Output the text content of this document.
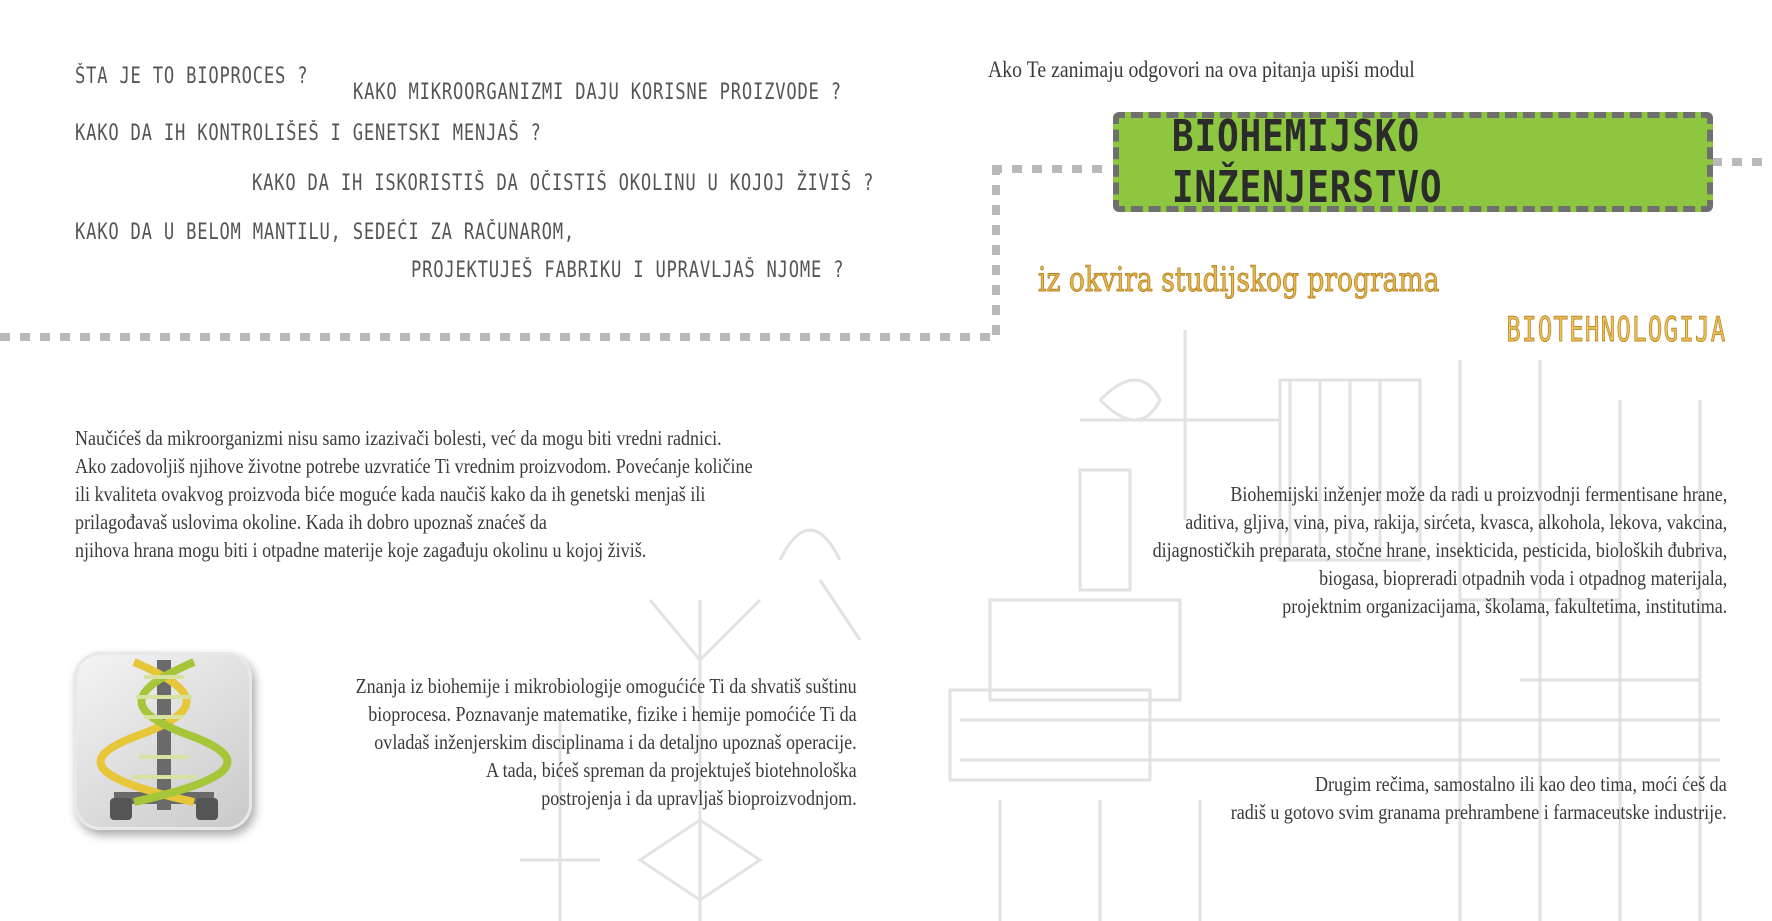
ŠTA JE TO BIOPROCES ?
KAKO MIKROORGANIZMI DAJU KORISNE PROIZVODE ?
KAKO DA IH KONTROLIŠEŠ I GENETSKI MENJAŠ ?
KAKO DA IH ISKORISTIŠ DA OČISTIŠ OKOLINU U KOJOJ ŽIVIŠ ?
KAKO DA U BELOM MANTILU, SEDEĆI ZA RAČUNAROM,
PROJEKTUJEŠ FABRIKU I UPRAVLJAŠ NJOME ?
Ako Te zanimaju odgovori na ova pitanja upiši modul
BIOHEMIJSKO INŽENJERSTVO
iz okvira studijskog programa
BIOTEHNOLOGIJA
Naučićeš da mikroorganizmi nisu samo izazivači bolesti, već da mogu biti vredni radnici.
Ako zadovoljiš njihove životne potrebe uzvratiće Ti vrednim proizvodom. Povećanje količine
ili kvaliteta ovakvog proizvoda biće moguće kada naučiš kako da ih genetski menjaš ili
prilagođavaš uslovima okoline. Kada ih dobro upoznaš znaćeš da
njihova hrana mogu biti i otpadne materije koje zagađuju okolinu u kojoj živiš.
Znanja iz biohemije i mikrobiologije omogućiće Ti da shvatiš suštinu
bioprocesa. Poznavanje matematike, fizike i hemije pomoćiće Ti da
ovladaš inženjerskim disciplinama i da detaljno upoznaš operacije.
A tada, bićeš spreman da projektuješ biotehnološka
postrojenja i da upravljaš bioproizvodnjom.
Biohemijski inženjer može da radi u proizvodnji fermentisane hrane,
aditiva, gljiva, vina, piva, rakija, sirćeta, kvasca, alkohola, lekova, vakcina,
dijagnostičkih preparata, stočne hrane, insekticida, pesticida, bioloških đubriva,
biogasa, biopreradi otpadnih voda i otpadnog materijala,
projektnim organizacijama, školama, fakultetima, institutima.
Drugim rečima, samostalno ili kao deo tima, moći ćeš da
radiš u gotovo svim granama prehrambene i farmaceutske industrije.
